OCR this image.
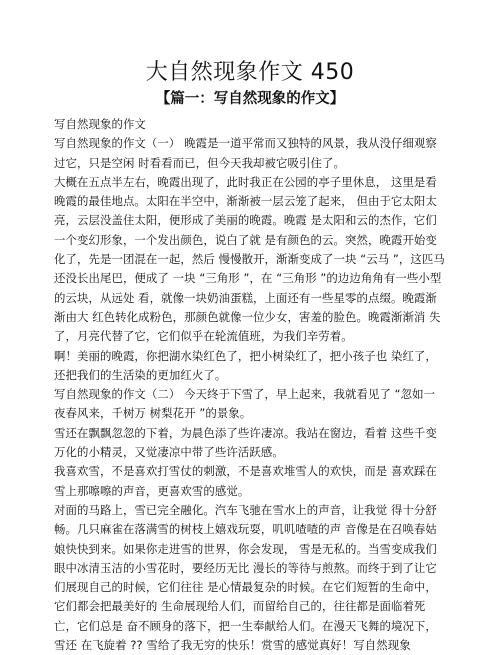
大自然现象作文 450
【篇一：写自然现象的作文】

写自然现象的作文

写自然现象的作文（一） 晚霞是一道平常而又独特的风景，我从没仔细观察过它，只是空闲 时看看而已，但今天我却被它吸引住了。

大概在五点半左右，晚霞出现了，此时我正在公园的亭子里休息， 这里是看晚霞的最佳地点。太阳在半空中，渐渐被一层云笼了起来， 但由于它太阳太亮，云层没盖住太阳，便形成了美丽的晚霞。晚霞 是太阳和云的杰作，它们一个变幻形象，一个发出颜色，说白了就 是有颜色的云。突然，晚霞开始变化了，先是一团混在一起，然后 慢慢散开，渐渐变成了一块 “云马 ”，这匹马还没长出尾巴，便成了 一块 “三角形 ”，在 “三角形 ”的边边角角有一些小型的云块，从远处 看，就像一块奶油蛋糕，上面还有一些星零的点缀。晚霞渐渐由大 红色转化成粉色，那颜色就像一位少女，害羞的脸色。晚霞渐渐消 失了，月亮代替了它，它们似乎在轮流值班，为我们辛劳着。

啊！美丽的晚霞，你把湖水染红色了，把小树染红了，把小孩子也 染红了，还把我们的生活染的更加红火了。

写自然现象的作文（二） 今天终于下雪了，早上起来，我就看见了 “忽如一夜春风来，千树万 树梨花开 ”的景象。

雪还在飘飘忽忽的下着，为晨色添了些许凄凉。我站在窗边，看着 这些千变万化的小精灵，又觉凄凉中带了些许活跃感。

我喜欢雪，不是喜欢打雪仗的刺激，不是喜欢堆雪人的欢快，而是 喜欢踩在雪上那嚓嚓的声音，更喜欢雪的感觉。

对面的马路上，雪已完全融化。汽车飞驰在雪水上的声音，让我觉 得十分舒畅。几只麻雀在落满雪的树枝上嬉戏玩耍，叽叽喳喳的声 音像是在召唤春姑娘快快到来。如果你走进雪的世界，你会发现， 雪是无私的。当雪变成我们眼中冰清玉洁的小雪花时，要经历无比 漫长的等待与煎熬。而终于到了让它们展现自己的时候，它们往往 是心情最复杂的时候。在它们短暂的生命中，它们都会把最美好的 生命展现给人们，而留给自己的，往往都是面临着死亡，它们总是 奋不顾身的落下，把一生奉献给人们。在漫天飞舞的境况下，雪还 在飞旋着 ?? 雪给了我无穷的快乐！赏雪的感觉真好！写自然现象
